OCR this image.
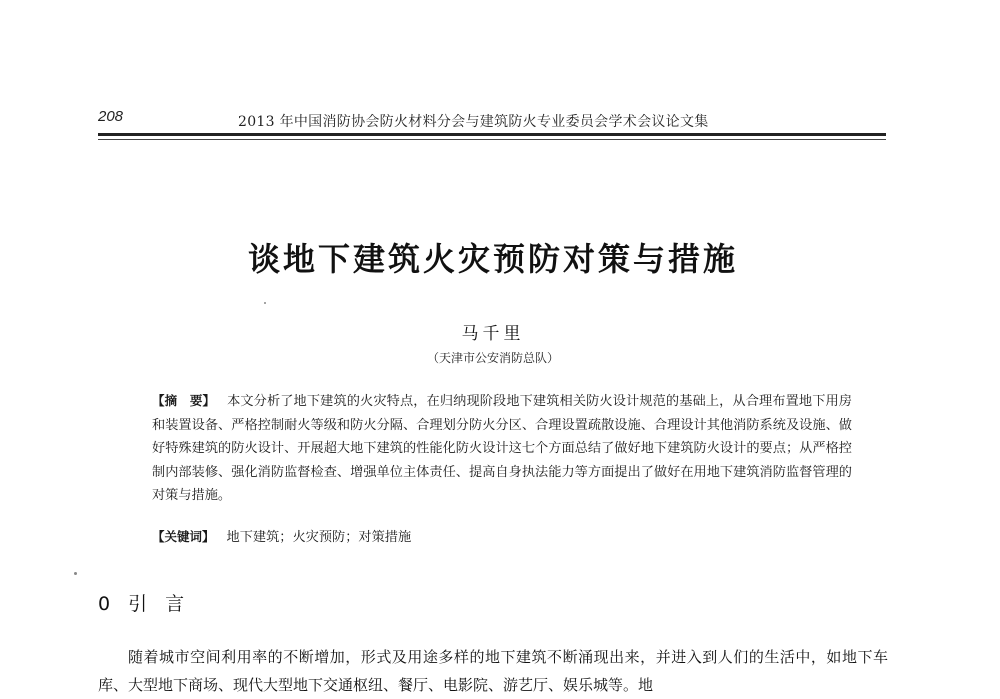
208	2013 年中国消防协会防火材料分会与建筑防火专业委员会学术会议论文集
谈地下建筑火灾预防对策与措施
马千里
（天津市公安消防总队）
【摘　要】 本文分析了地下建筑的火灾特点，在归纳现阶段地下建筑相关防火设计规范的基础上，从合理布置地下用房和装置设备、严格控制耐火等级和防火分隔、合理划分防火分区、合理设置疏散设施、合理设计其他消防系统及设施、做好特殊建筑的防火设计、开展超大地下建筑的性能化防火设计这七个方面总结了做好地下建筑防火设计的要点；从严格控制内部装修、强化消防监督检查、增强单位主体责任、提高自身执法能力等方面提出了做好在用地下建筑消防监督管理的对策与措施。
【关键词】 地下建筑；火灾预防；对策措施
0 引 言
随着城市空间利用率的不断增加，形式及用途多样的地下建筑不断涌现出来，并进入到人们的生活中，如地下车库、大型地下商场、现代大型地下交通枢纽、餐厅、电影院、游艺厅、娱乐城等。地
